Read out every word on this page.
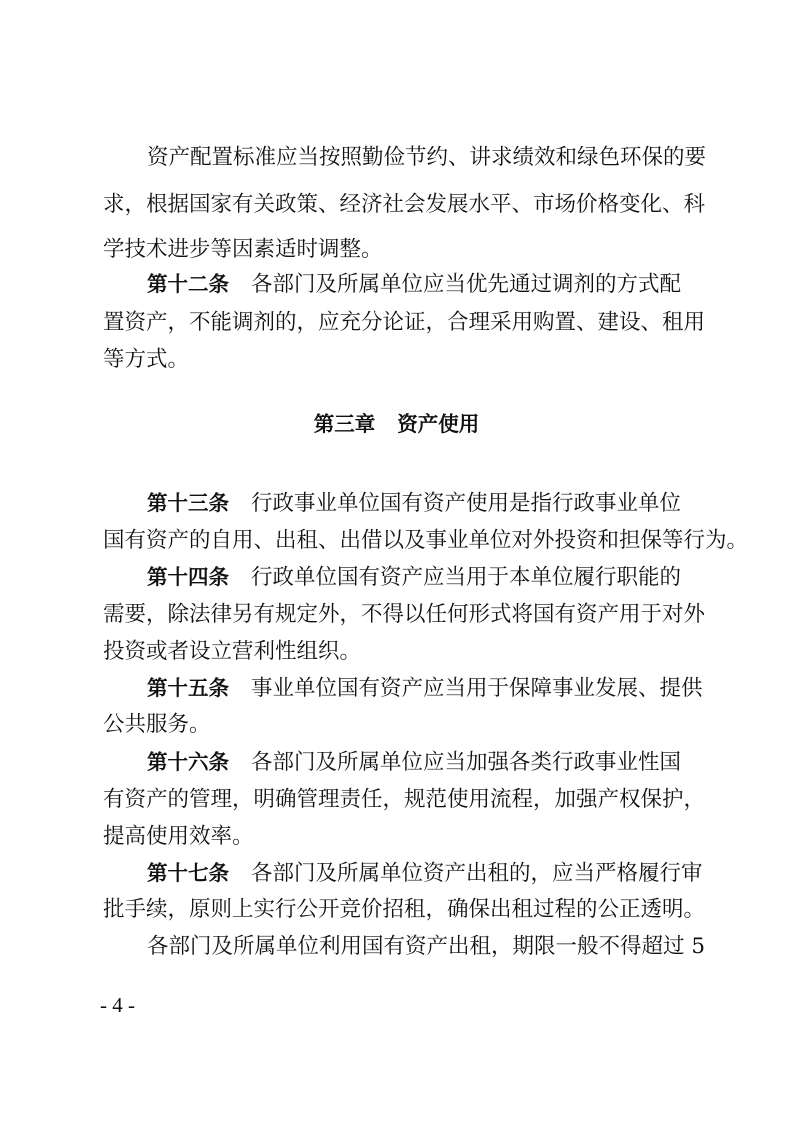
资产配置标准应当按照勤俭节约、讲求绩效和绿色环保的要
求，根据国家有关政策、经济社会发展水平、市场价格变化、科
学技术进步等因素适时调整。
第十二条 各部门及所属单位应当优先通过调剂的方式配
置资产，不能调剂的，应充分论证，合理采用购置、建设、租用
等方式。
第三章 资产使用
第十三条 行政事业单位国有资产使用是指行政事业单位
国有资产的自用、出租、出借以及事业单位对外投资和担保等行为。
第十四条 行政单位国有资产应当用于本单位履行职能的
需要，除法律另有规定外，不得以任何形式将国有资产用于对外
投资或者设立营利性组织。
第十五条 事业单位国有资产应当用于保障事业发展、提供
公共服务。
第十六条 各部门及所属单位应当加强各类行政事业性国
有资产的管理，明确管理责任，规范使用流程，加强产权保护，
提高使用效率。
第十七条 各部门及所属单位资产出租的，应当严格履行审
批手续，原则上实行公开竞价招租，确保出租过程的公正透明。
各部门及所属单位利用国有资产出租，期限一般不得超过 5
- 4 -
